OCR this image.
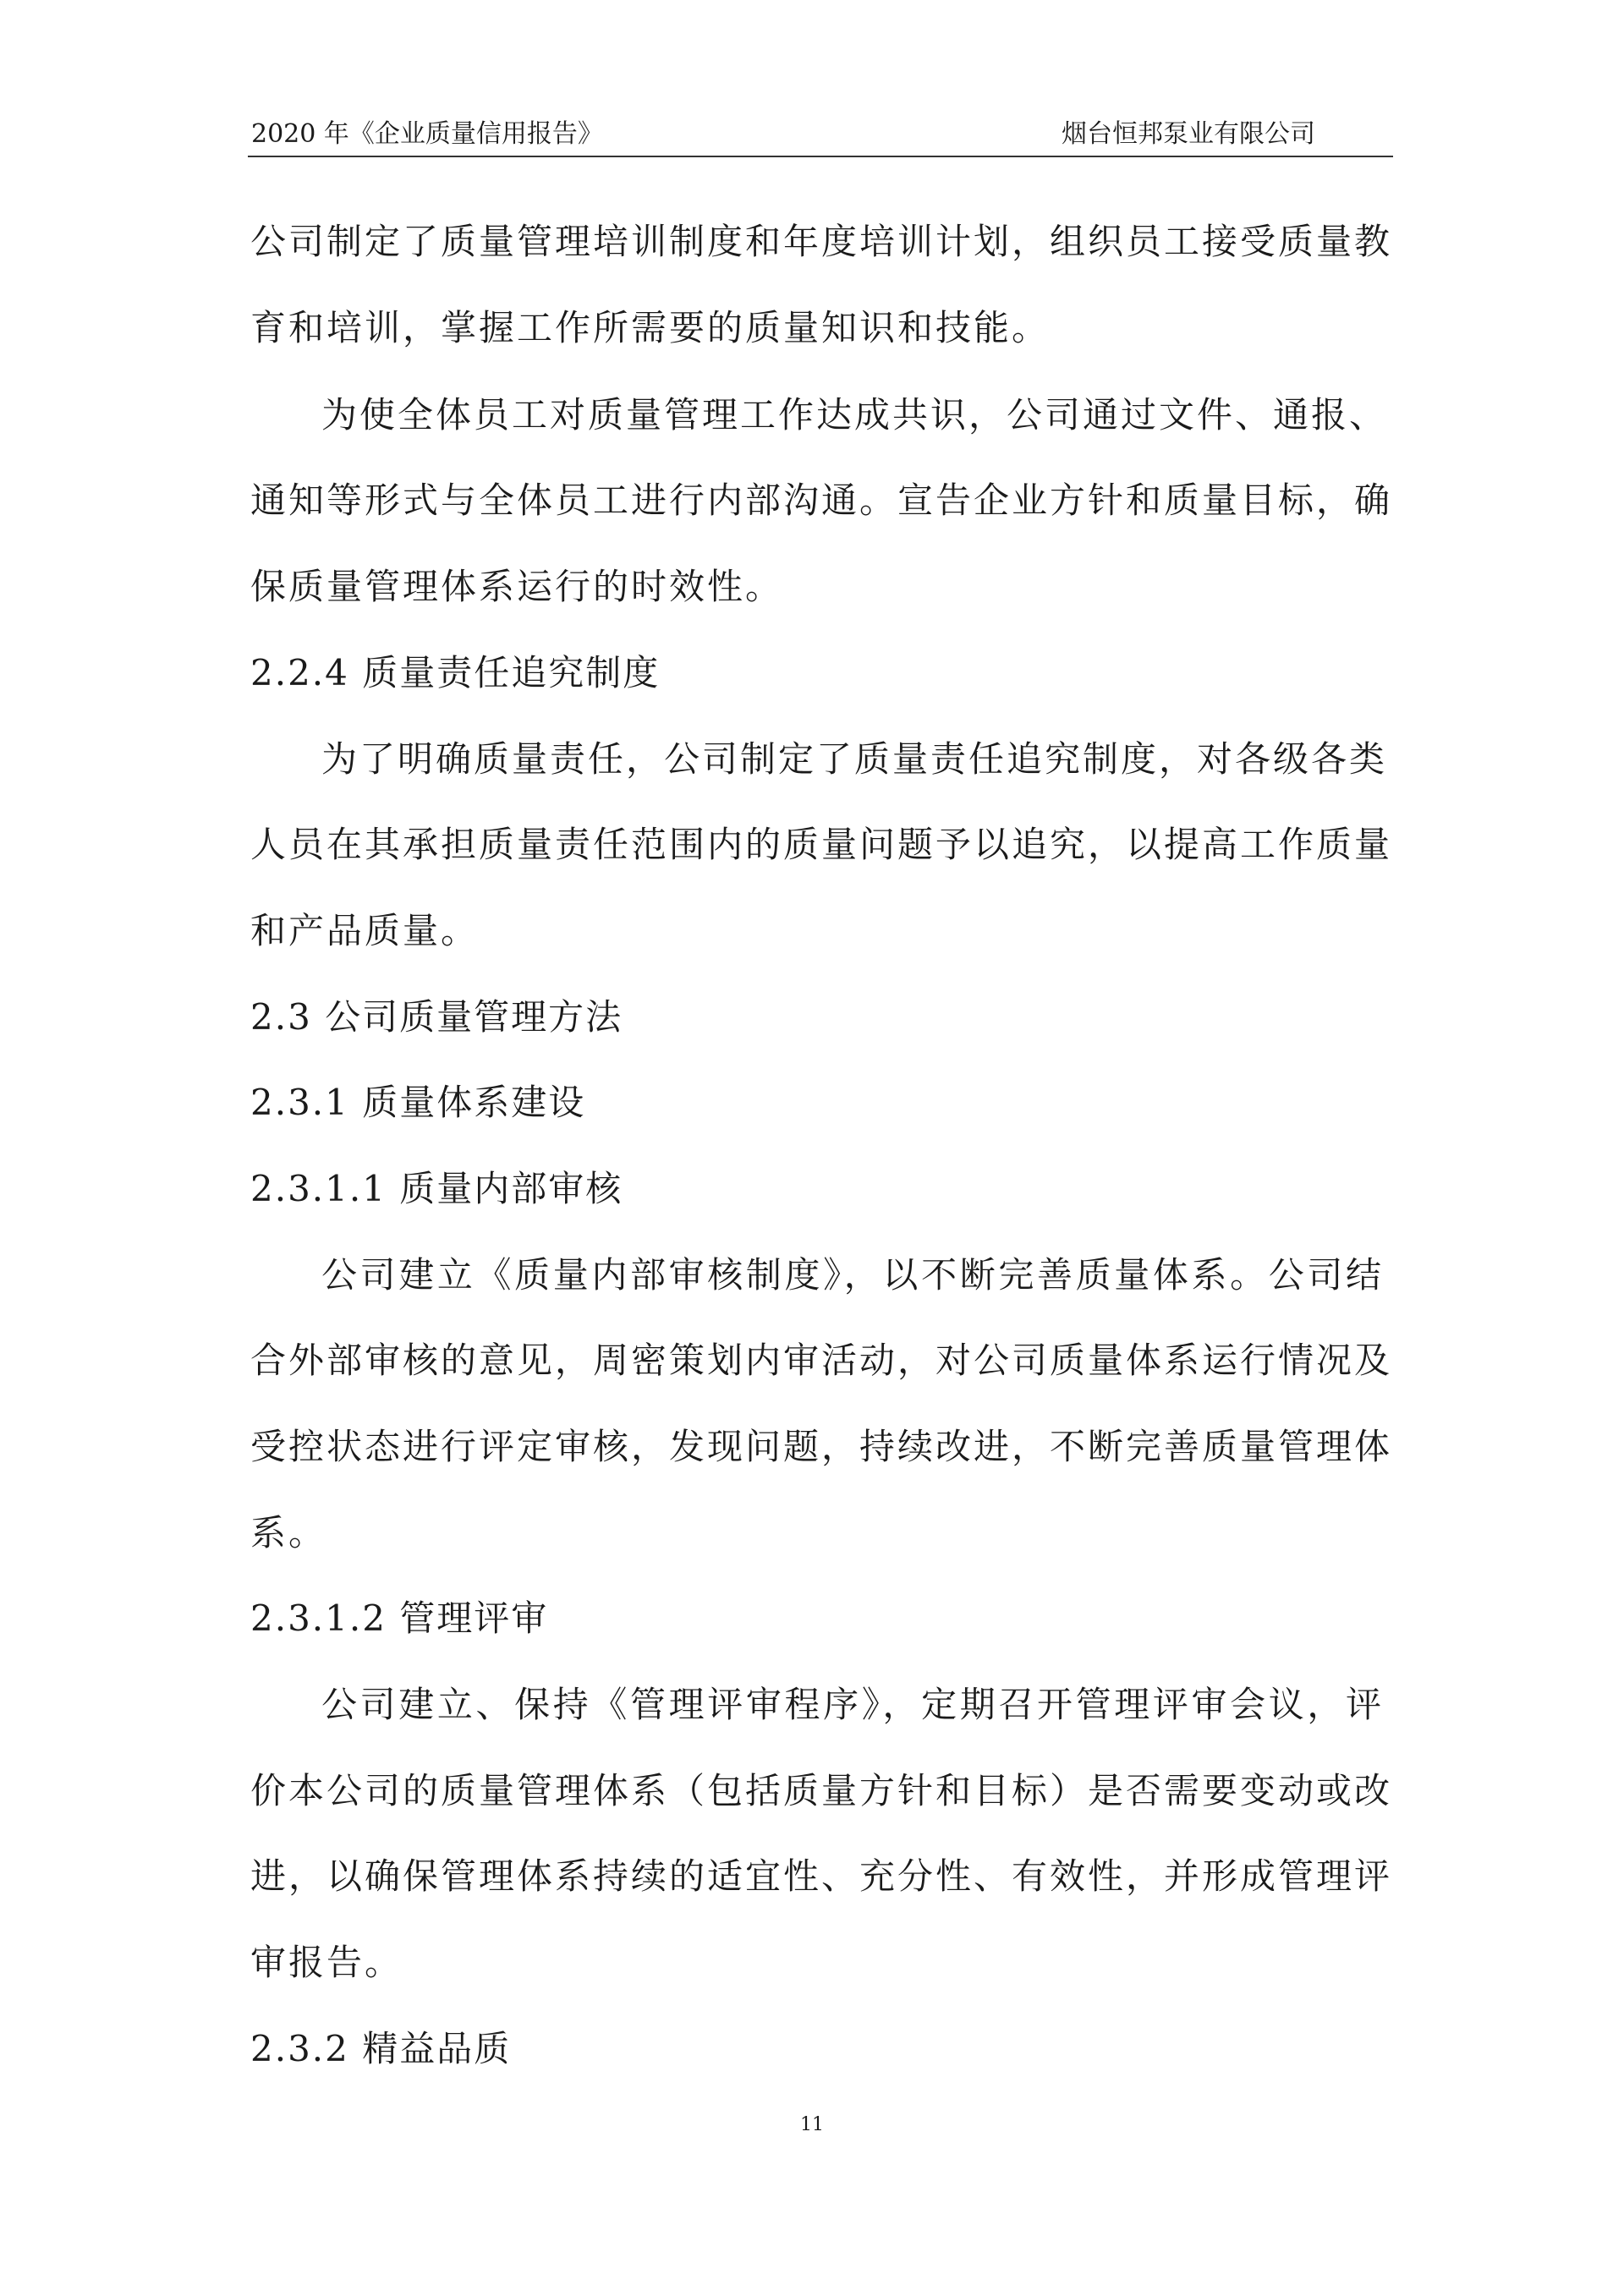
2020 年《企业质量信用报告》	烟台恒邦泵业有限公司
公司制定了质量管理培训制度和年度培训计划，组织员工接受质量教
育和培训，掌握工作所需要的质量知识和技能。
为使全体员工对质量管理工作达成共识，公司通过文件、通报、
通知等形式与全体员工进行内部沟通。宣告企业方针和质量目标，确
保质量管理体系运行的时效性。
2.2.4 质量责任追究制度
为了明确质量责任，公司制定了质量责任追究制度，对各级各类
人员在其承担质量责任范围内的质量问题予以追究，以提高工作质量
和产品质量。
2.3 公司质量管理方法
2.3.1 质量体系建设
2.3.1.1 质量内部审核
公司建立《质量内部审核制度》，以不断完善质量体系。公司结
合外部审核的意见，周密策划内审活动，对公司质量体系运行情况及
受控状态进行评定审核，发现问题，持续改进，不断完善质量管理体
系。
2.3.1.2 管理评审
公司建立、保持《管理评审程序》，定期召开管理评审会议，评
价本公司的质量管理体系（包括质量方针和目标）是否需要变动或改
进，以确保管理体系持续的适宜性、充分性、有效性，并形成管理评
审报告。
2.3.2 精益品质
11
